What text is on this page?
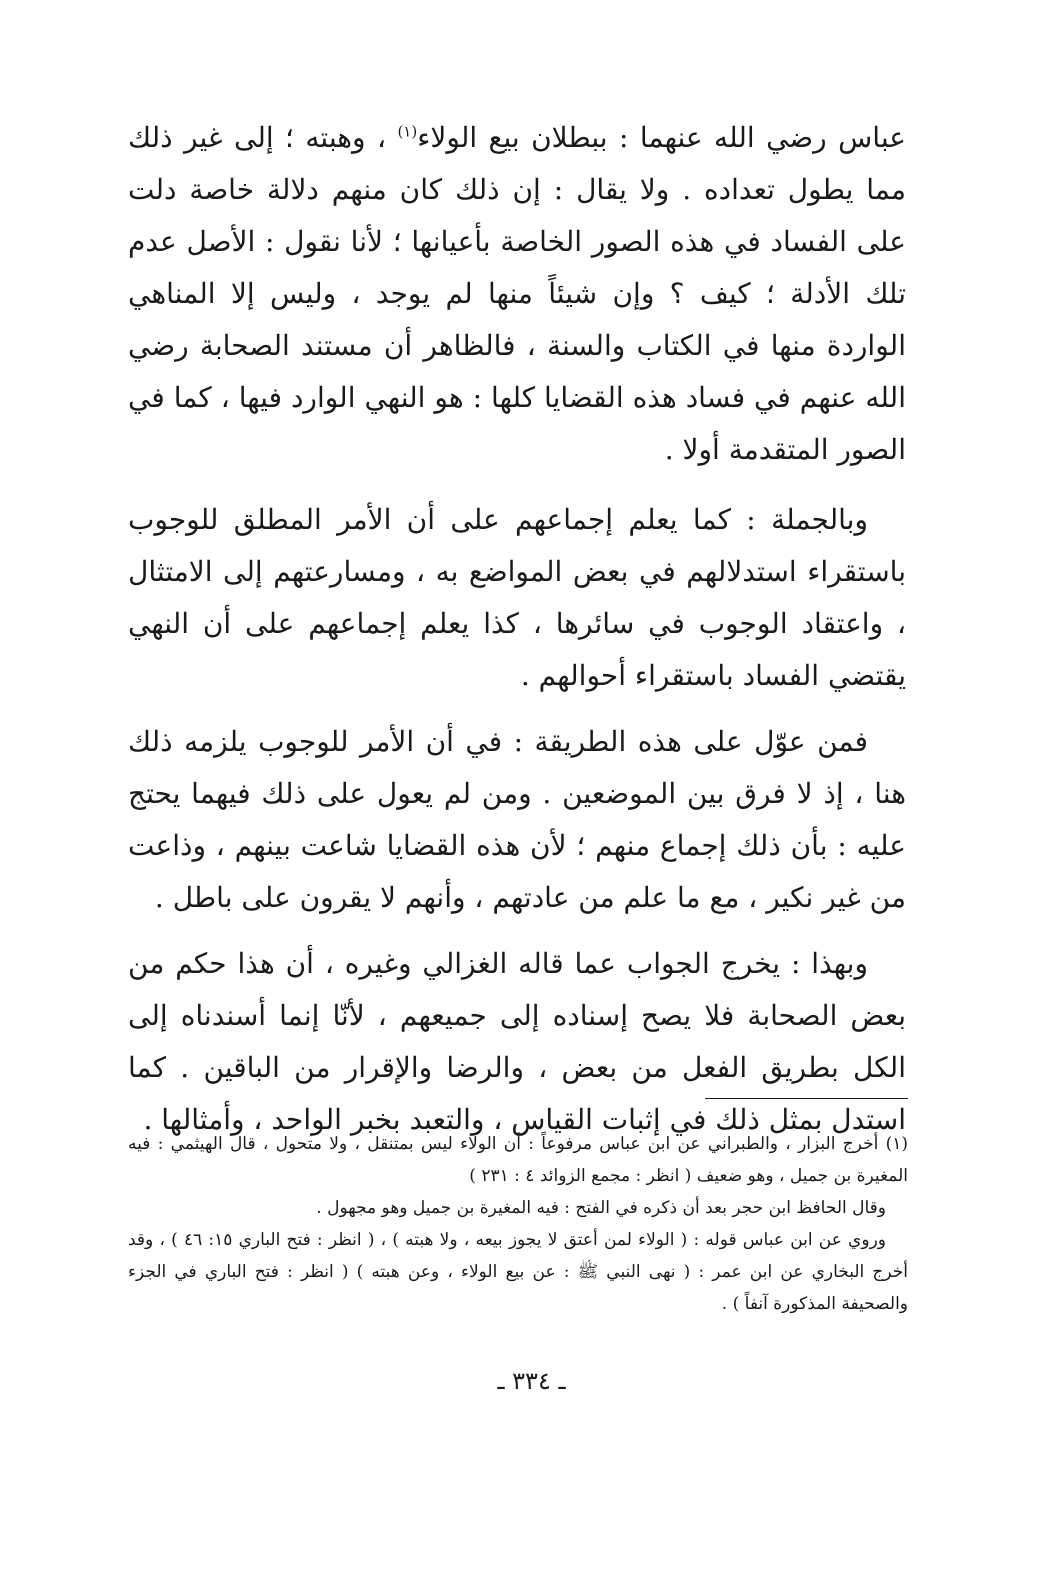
عباس رضي الله عنهما : ببطلان بيع الولاء$^{(١)}$ ، وهبته ؛ إلى غير ذلك مما يطول تعداده . ولا يقال : إن ذلك كان منهم دلالة خاصة دلت على الفساد في هذه الصور الخاصة بأعيانها ؛ لأنا نقول : الأصل عدم تلك الأدلة ؛ كيف ؟ وإن شيئاً منها لم يوجد ، وليس إلا المناهي الواردة منها في الكتاب والسنة ، فالظاهر أن مستند الصحابة رضي الله عنهم في فساد هذه القضايا كلها : هو النهي الوارد فيها ، كما في الصور المتقدمة أولا .

وبالجملة : كما يعلم إجماعهم على أن الأمر المطلق للوجوب باستقراء استدلالهم في بعض المواضع به ، ومسارعتهم إلى الامتثال ، واعتقاد الوجوب في سائرها ، كذا يعلم إجماعهم على أن النهي يقتضي الفساد باستقراء أحوالهم .

فمن عوّل على هذه الطريقة : في أن الأمر للوجوب يلزمه ذلك هنا ، إذ لا فرق بين الموضعين . ومن لم يعول على ذلك فيهما يحتج عليه : بأن ذلك إجماع منهم ؛ لأن هذه القضايا شاعت بينهم ، وذاعت من غير نكير ، مع ما علم من عادتهم ، وأنهم لا يقرون على باطل .

وبهذا : يخرج الجواب عما قاله الغزالي وغيره ، أن هذا حكم من بعض الصحابة فلا يصح إسناده إلى جميعهم ، لأنّا إنما أسندناه إلى الكل بطريق الفعل من بعض ، والرضا والإقرار من الباقين . كما استدل بمثل ذلك في إثبات القياس ، والتعبد بخبر الواحد ، وأمثالها .

(١) أخرج البزار ، والطبراني عن ابن عباس مرفوعاً : أن الولاء ليس بمتنقل ، ولا متحول ، قال الهيثمي : فيه المغيرة بن جميل ، وهو ضعيف ( انظر : مجمع الزوائد ٤ : ٢٣١ )

وقال الحافظ ابن حجر بعد أن ذكره في الفتح : فيه المغيرة بن جميل وهو مجهول .

وروي عن ابن عباس قوله : ( الولاء لمن أعتق لا يجوز بيعه ، ولا هبته ) ، ( انظر : فتح الباري ١٥: ٤٦ ) ، وقد أخرج البخاري عن ابن عمر : ( نهى النبي ﷺ : عن بيع الولاء ، وعن هبته ) ( انظر : فتح الباري في الجزء والصحيفة المذكورة آنفاً ) .

ـ ٣٣٤ ـ
